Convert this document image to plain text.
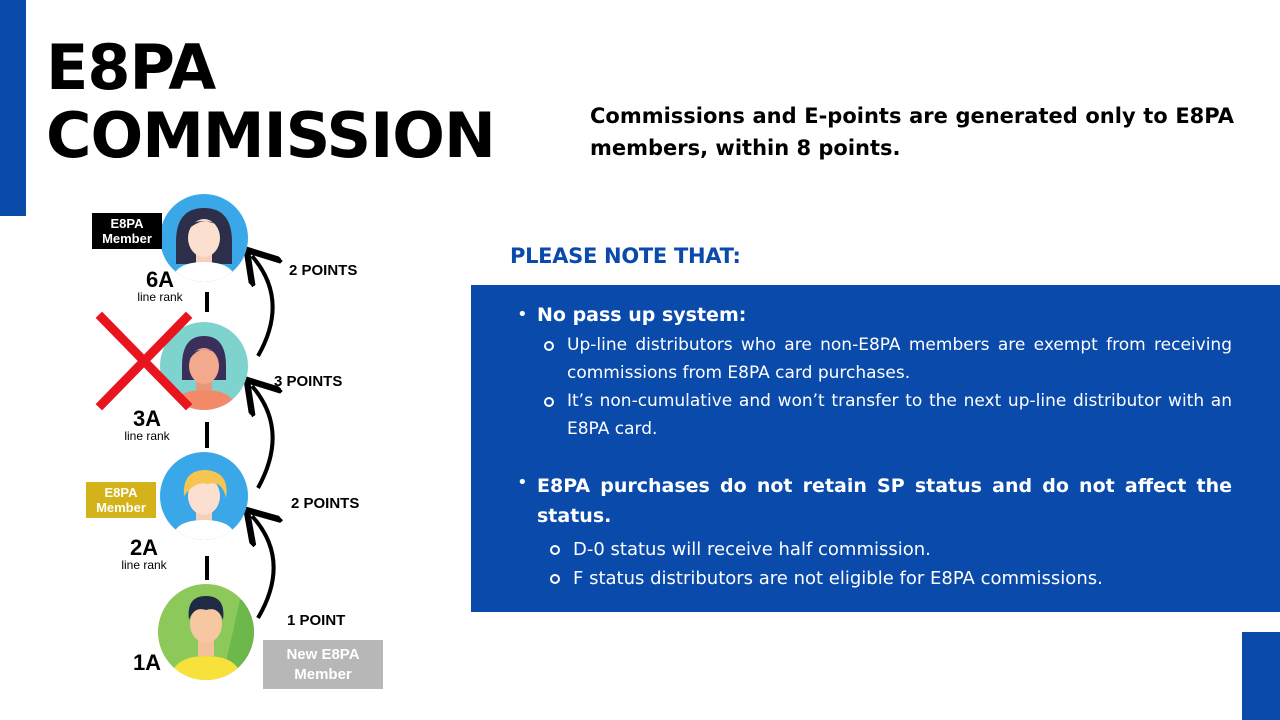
E8PA
COMMISSION	Commissions and E-points are generated only to E8PA members, within 8 points.

PLEASE NOTE THAT:
• No pass up system:
Up-line distributors who are non-E8PA members are exempt from receiving commissions from E8PA card purchases.
It’s non-cumulative and won’t transfer to the next up-line distributor with an E8PA card.
• E8PA purchases do not retain SP status and do not affect the status.
D-0 status will receive half commission.
F status distributors are not eligible for E8PA commissions.
2 POINTS
3 POINTS
2 POINTS
1 POINT
6A
line rank
3A
line rank
2A
line rank
1A
E8PA
Member
E8PA
Member
New E8PA
Member
